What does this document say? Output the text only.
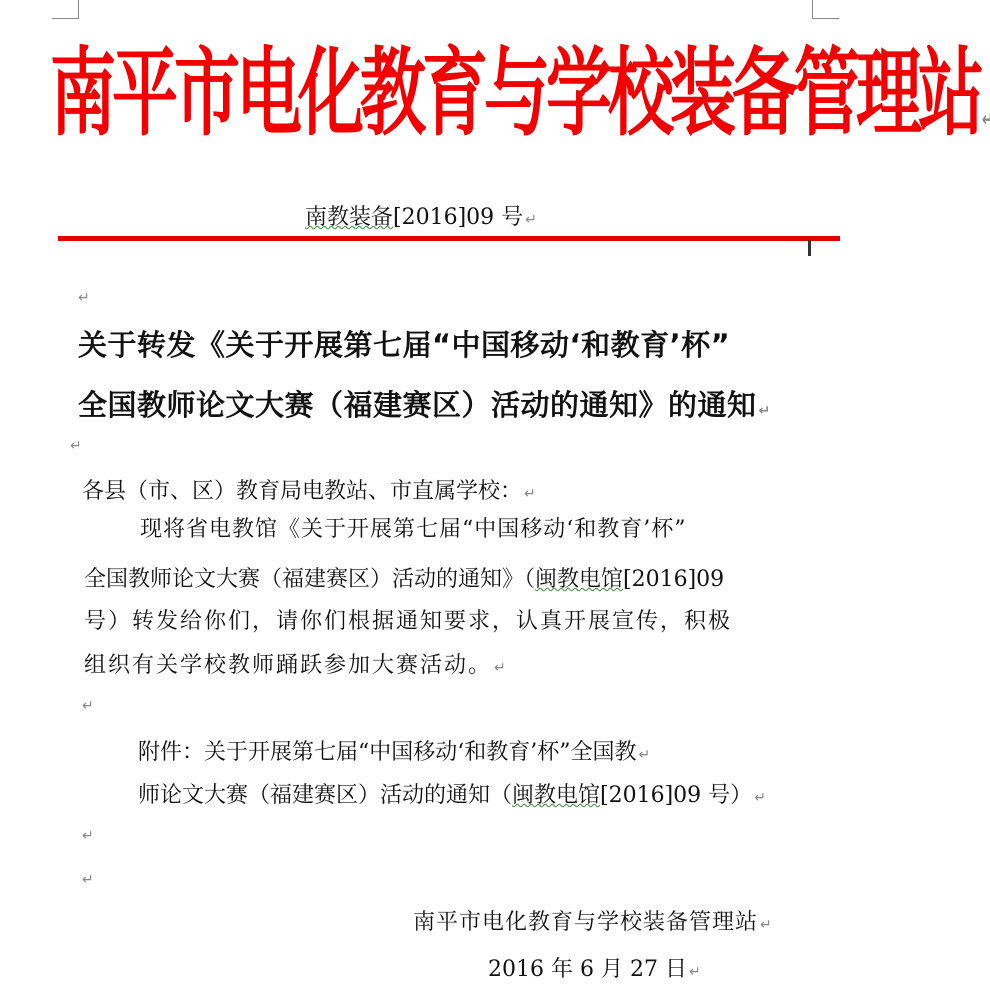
南平市电化教育与学校装备管理站 ↵
南教装备[2016]09 号 ↵
↵
关于转发《关于开展第七届“中国移动‘和教育’杯”
全国教师论文大赛（福建赛区）活动的通知》的通知 ↵
↵
各县（市、区）教育局电教站、市直属学校： ↵
现将省电教馆《关于开展第七届“中国移动‘和教育’杯”
全国教师论文大赛（福建赛区）活动的通知》（闽教电馆[2016]09
号）转发给你们，请你们根据通知要求，认真开展宣传，积极
组织有关学校教师踊跃参加大赛活动。 ↵
↵
附件：关于开展第七届“中国移动‘和教育’杯”全国教 ↵
师论文大赛（福建赛区）活动的通知（闽教电馆[2016]09 号） ↵
↵
↵
南平市电化教育与学校装备管理站 ↵
2016 年 6 月 27 日 ↵
